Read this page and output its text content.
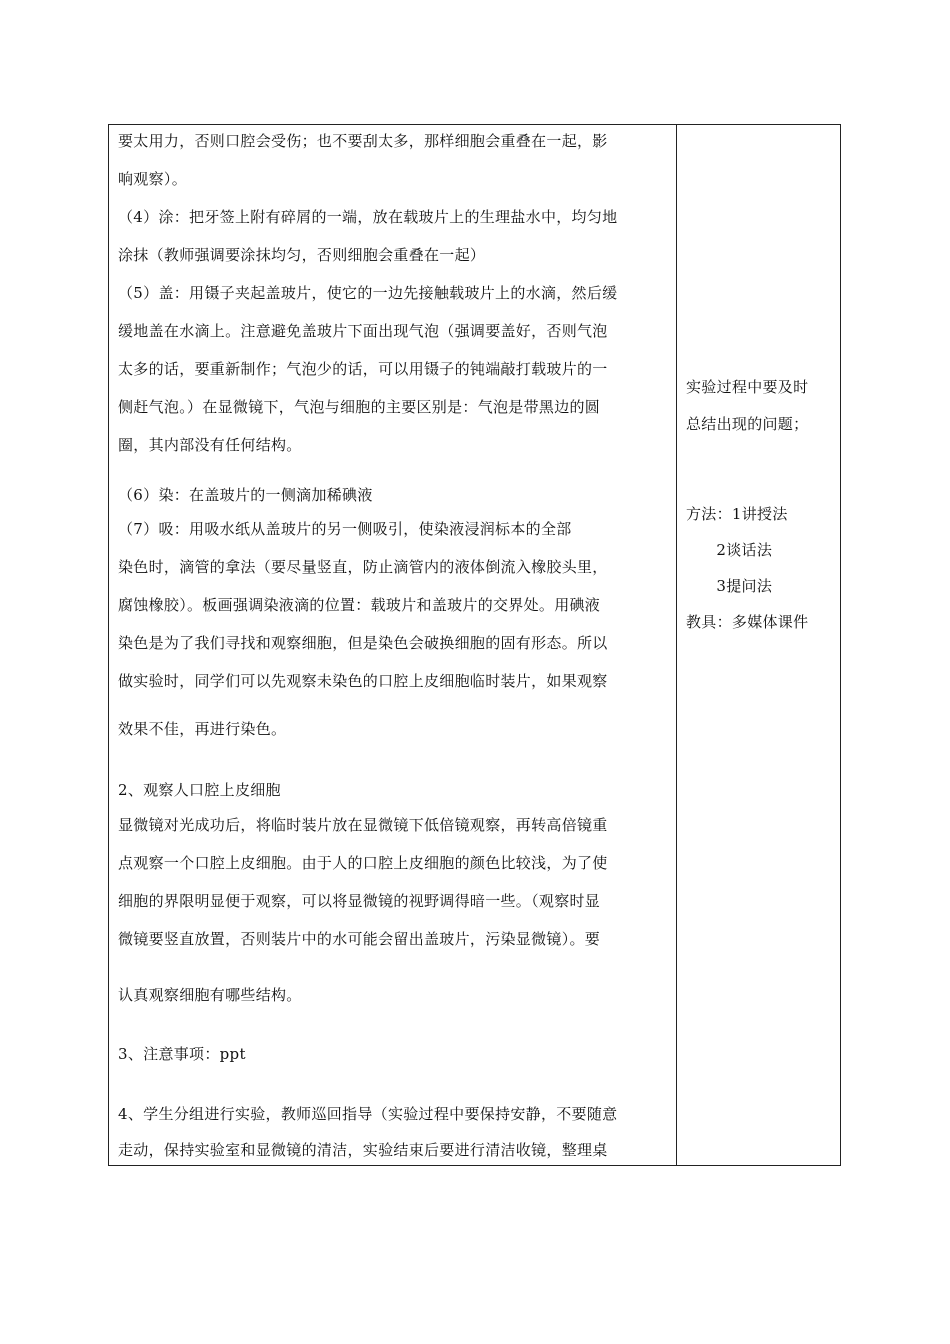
要太用力，否则口腔会受伤；也不要刮太多，那样细胞会重叠在一起，影
响观察）。
（4）涂：把牙签上附有碎屑的一端，放在载玻片上的生理盐水中，均匀地
涂抹（教师强调要涂抹均匀，否则细胞会重叠在一起）
（5）盖：用镊子夹起盖玻片，使它的一边先接触载玻片上的水滴，然后缓
缓地盖在水滴上。注意避免盖玻片下面出现气泡（强调要盖好，否则气泡
太多的话，要重新制作；气泡少的话，可以用镊子的钝端敲打载玻片的一
侧赶气泡。）在显微镜下，气泡与细胞的主要区别是：气泡是带黑边的圆
圈，其内部没有任何结构。
（6）染：在盖玻片的一侧滴加稀碘液
（7）吸：用吸水纸从盖玻片的另一侧吸引，使染液浸润标本的全部
染色时，滴管的拿法（要尽量竖直，防止滴管内的液体倒流入橡胶头里，
腐蚀橡胶）。板画强调染液滴的位置：载玻片和盖玻片的交界处。用碘液
染色是为了我们寻找和观察细胞，但是染色会破换细胞的固有形态。所以
做实验时，同学们可以先观察未染色的口腔上皮细胞临时装片，如果观察
效果不佳，再进行染色。
2、观察人口腔上皮细胞
显微镜对光成功后，将临时装片放在显微镜下低倍镜观察，再转高倍镜重
点观察一个口腔上皮细胞。由于人的口腔上皮细胞的颜色比较浅，为了使
细胞的界限明显便于观察，可以将显微镜的视野调得暗一些。（观察时显
微镜要竖直放置，否则装片中的水可能会留出盖玻片，污染显微镜）。要
认真观察细胞有哪些结构。
3、注意事项：ppt
4、学生分组进行实验，教师巡回指导（实验过程中要保持安静，不要随意
走动，保持实验室和显微镜的清洁，实验结束后要进行清洁收镜，整理桌
实验过程中要及时
总结出现的问题；
方法：1讲授法
2谈话法
3提问法
教具：多媒体课件
